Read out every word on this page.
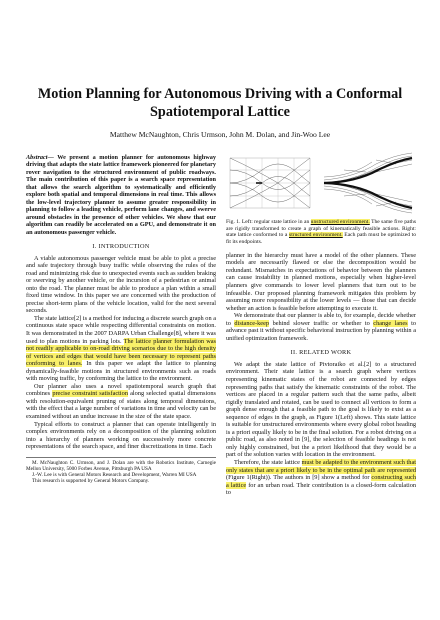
Motion Planning for Autonomous Driving with a Conformal Spatiotemporal Lattice
Matthew McNaughton, Chris Urmson, John M. Dolan, and Jin-Woo Lee
Abstract— We present a motion planner for autonomous highway driving that adapts the state lattice framework pioneered for planetary rover navigation to the structured environment of public roadways. The main contribution of this paper is a search space representation that allows the search algorithm to systematically and efficiently explore both spatial and temporal dimensions in real time. This allows the low-level trajectory planner to assume greater responsibility in planning to follow a leading vehicle, perform lane changes, and swerve around obstacles in the presence of other vehicles. We show that our algorithm can readily be accelerated on a GPU, and demonstrate it on an autonomous passenger vehicle.
I. INTRODUCTION

A viable autonomous passenger vehicle must be able to plot a precise and safe trajectory through busy traffic while observing the rules of the road and minimizing risk due to unexpected events such as sudden braking or swerving by another vehicle, or the incursion of a pedestrian or animal onto the road. The planner must be able to produce a plan within a small fixed time window. In this paper we are concerned with the production of precise short-term plans of the vehicle location, valid for the next several seconds.

The state lattice[2] is a method for inducing a discrete search graph on a continuous state space while respecting differential constraints on motion. It was demonstrated in the 2007 DARPA Urban Challenge[8], where it was used to plan motions in parking lots. The lattice planner formulation was not readily applicable to on-road driving scenarios due to the high density of vertices and edges that would have been necessary to represent paths conforming to lanes. In this paper we adapt the lattice to planning dynamically-feasible motions in structured environments such as roads with moving traffic, by conforming the lattice to the environment.

Our planner also uses a novel spatiotemporal search graph that combines precise constraint satisfaction along selected spatial dimensions with resolution-equivalent pruning of states along temporal dimensions, with the effect that a large number of variations in time and velocity can be examined without an undue increase in the size of the state space.

Typical efforts to construct a planner that can operate intelligently in complex environments rely on a decomposition of the planning solution into a hierarchy of planners working on successively more concrete representations of the search space, and finer discretizations in time. Each

M. McNaughton C. Urmson, and J. Dolan are with the Robotics Institute, Carnegie Mellon University, 5000 Forbes Avenue, Pittsburgh PA USA

J.-W. Lee is with General Motors Research and Development, Warren MI USA

This research is supported by General Motors Company.

Fig. 1. Left: regular state lattice in an unstructured environment. The same five paths are rigidly transformed to create a graph of kinematically feasible actions. Right: state lattice conformed to a structured environment. Each path must be optimized to fit its endpoints.

planner in the hierarchy must have a model of the other planners. These models are necessarily flawed or else the decomposition would be redundant. Mismatches in expectations of behavior between the planners can cause instability in planned motions, especially when higher-level planners give commands to lower level planners that turn out to be infeasible. Our proposed planning framework mitigates this problem by assuming more responsibility at the lower levels — those that can decide whether an action is feasible before attempting to execute it.

We demonstrate that our planner is able to, for example, decide whether to distance-keep behind slower traffic or whether to change lanes to advance past it without specific behavioral instruction by planning within a unified optimization framework.

II. RELATED WORK

We adapt the state lattice of Pivtoraiko et al.[2] to a structured environment. Their state lattice is a search graph where vertices representing kinematic states of the robot are connected by edges representing paths that satisfy the kinematic constraints of the robot. The vertices are placed in a regular pattern such that the same paths, albeit rigidly translated and rotated, can be used to connect all vertices to form a graph dense enough that a feasible path to the goal is likely to exist as a sequence of edges in the graph, as Figure 1(Left) shows. This state lattice is suitable for unstructured environments where every global robot heading is a priori equally likely to be in the final solution. For a robot driving on a public road, as also noted in [9], the selection of feasible headings is not only highly constrained, but the a priori likelihood that they would be a part of the solution varies with location in the environment.

Therefore, the state lattice must be adapted to the environment such that only states that are a priori likely to be in the optimal path are represented (Figure 1(Right)). The authors in [9] show a method for constructing such a lattice for an urban road. Their contribution is a closed-form calculation to
